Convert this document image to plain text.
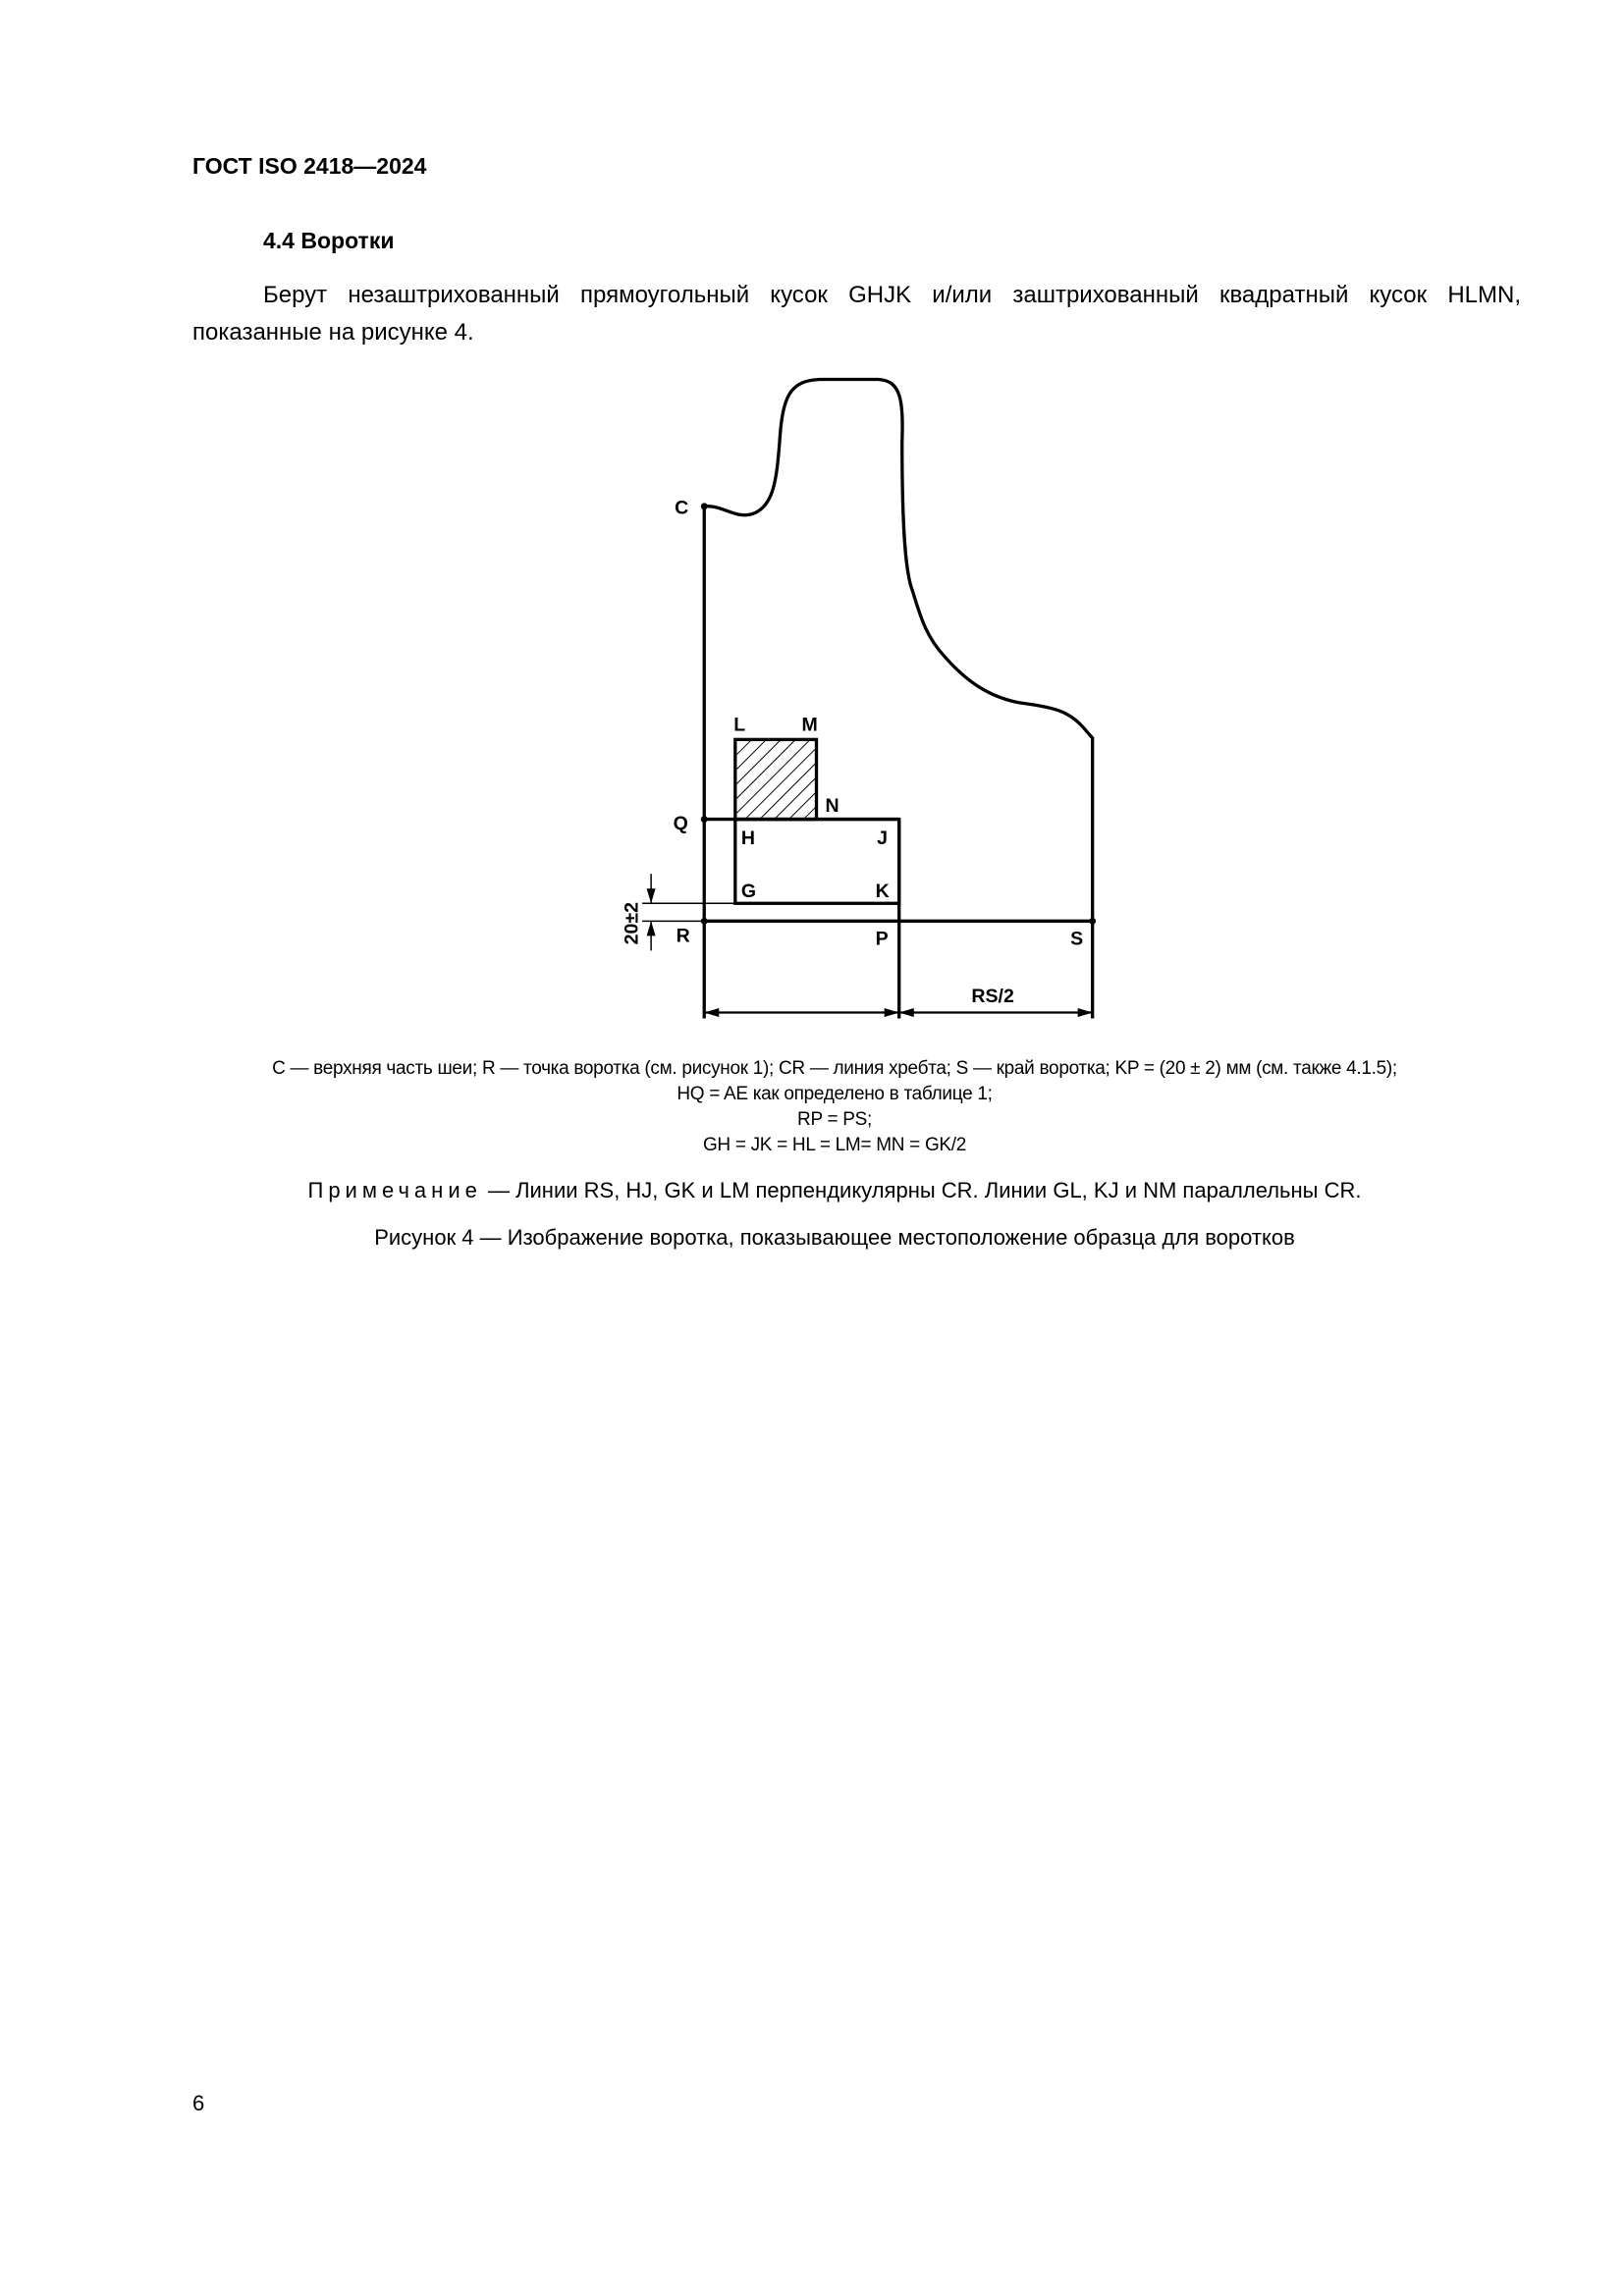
ГОСТ ISO 2418—2024
4.4 Воротки
Берут незаштрихованный прямоугольный кусок GHJK и/или заштрихованный квадратный кусок HLMN, показанные на рисунке 4.
C
L	M
N
Q
H	J
G	K
R	P	S
RS/2
20±2
C — верхняя часть шеи; R — точка воротка (см. рисунок 1); CR — линия хребта; S — край воротка; KP = (20 ± 2) мм (см. также 4.1.5);
HQ = AE как определено в таблице 1;
RP = PS;
GH = JK = HL = LM= MN = GK/2
Примечание — Линии RS, HJ, GK и LM перпендикулярны CR. Линии GL, KJ и NM параллельны CR.
Рисунок 4 — Изображение воротка, показывающее местоположение образца для воротков
6
